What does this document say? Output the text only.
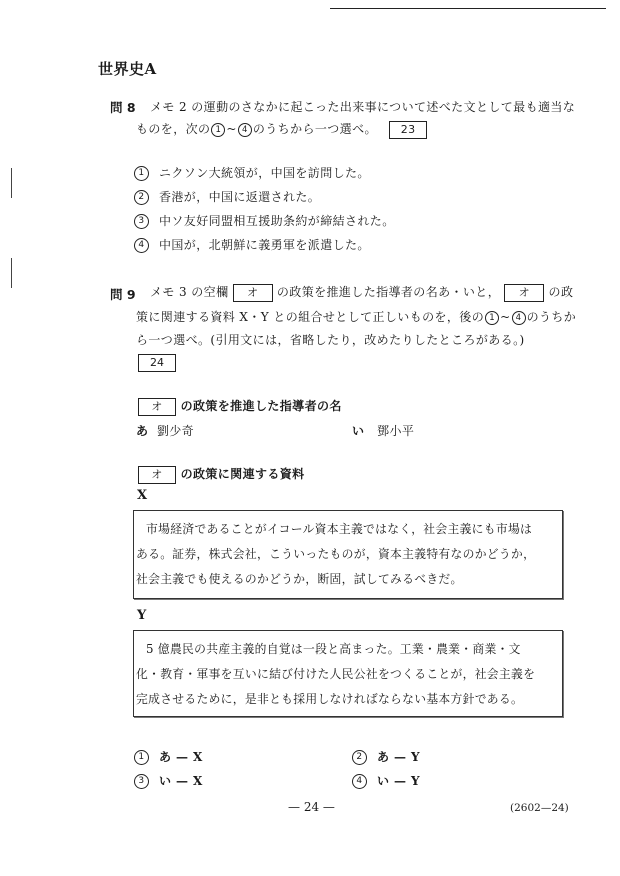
世界史A
問 8 メモ 2 の運動のさなかに起こった出来事について述べた文として最も適当な
ものを，次の 1 ~ 4 のうちから一つ選べ。 23
1 ニクソン大統領が，中国を訪問した。
2 香港が，中国に返還された。
3 中ソ友好同盟相互援助条約が締結された。
4 中国が，北朝鮮に義勇軍を派遣した。
問 9 メモ 3 の空欄 オ の政策を推進した指導者の名あ・いと， オ の政
策に関連する資料 X・Y との組合せとして正しいものを，後の 1 ~ 4 のうちか
ら一つ選べ。(引用文には，省略したり，改めたりしたところがある。)
24
オ の政策を推進した指導者の名
あ 劉少奇	い 鄧小平
オ の政策に関連する資料
X

市場経済であることがイコール資本主義ではなく，社会主義にも市場は

ある。証券，株式会社，こういったものが，資本主義特有なのかどうか，

社会主義でも使えるのかどうか，断固，試してみるべきだ。

Y

5 億農民の共産主義的自覚は一段と高まった。工業・農業・商業・文

化・教育・軍事を互いに結び付けた人民公社をつくることが，社会主義を

完成させるために，是非とも採用しなければならない基本方針である。

1 あ — X	2 あ — Y
3 い — X	4 い — Y
— 24 —	(2602—24)
